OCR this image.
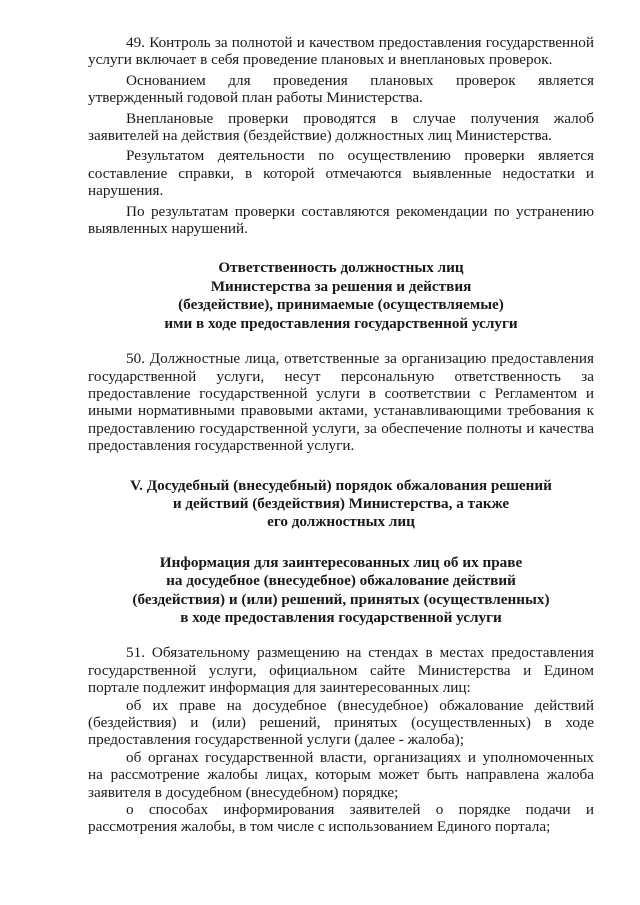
49. Контроль за полнотой и качеством предоставления государственной услуги включает в себя проведение плановых и внеплановых проверок.

Основанием для проведения плановых проверок является утвержденный годовой план работы Министерства.

Внеплановые проверки проводятся в случае получения жалоб заявителей на действия (бездействие) должностных лиц Министерства.

Результатом деятельности по осуществлению проверки является составление справки, в которой отмечаются выявленные недостатки и нарушения.

По результатам проверки составляются рекомендации по устранению выявленных нарушений.

Ответственность должностных лиц
Министерства за решения и действия
(бездействие), принимаемые (осуществляемые)
ими в ходе предоставления государственной услуги

50. Должностные лица, ответственные за организацию предоставления государственной услуги, несут персональную ответственность за предоставление государственной услуги в соответствии с Регламентом и иными нормативными правовыми актами, устанавливающими требования к предоставлению государственной услуги, за обеспечение полноты и качества предоставления государственной услуги.

V. Досудебный (внесудебный) порядок обжалования решений
и действий (бездействия) Министерства, а также
его должностных лиц
Информация для заинтересованных лиц об их праве
на досудебное (внесудебное) обжалование действий
(бездействия) и (или) решений, принятых (осуществленных)
в ходе предоставления государственной услуги

51. Обязательному размещению на стендах в местах предоставления государственной услуги, официальном сайте Министерства и Едином портале подлежит информация для заинтересованных лиц:

об их праве на досудебное (внесудебное) обжалование действий (бездействия) и (или) решений, принятых (осуществленных) в ходе предоставления государственной услуги (далее - жалоба);

об органах государственной власти, организациях и уполномоченных на рассмотрение жалобы лицах, которым может быть направлена жалоба заявителя в досудебном (внесудебном) порядке;

о способах информирования заявителей о порядке подачи и рассмотрения жалобы, в том числе с использованием Единого портала;
